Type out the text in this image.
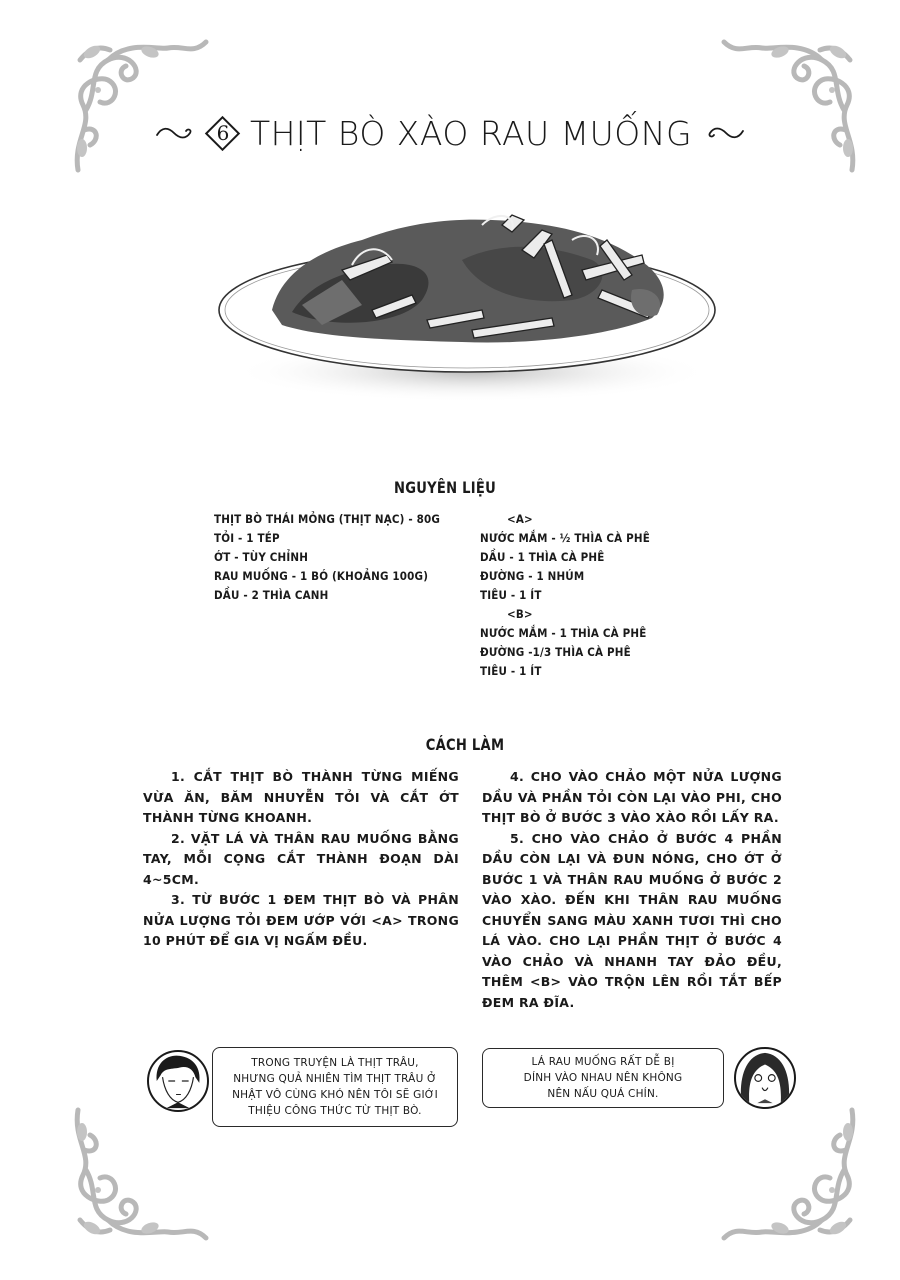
6 THỊT BÒ XÀO RAU MUỐNG
NGUYÊN LIỆU
THỊT BÒ THÁI MỎNG (THỊT NẠC) - 80G
TỎI - 1 TÉP
ỚT - TÙY CHỈNH
RAU MUỐNG - 1 BÓ (KHOẢNG 100G)
DẦU - 2 THÌA CANH
<A>
NƯỚC MẮM - ½ THÌA CÀ PHÊ
DẦU - 1 THÌA CÀ PHÊ
ĐƯỜNG - 1 NHÚM
TIÊU - 1 ÍT
<B>
NƯỚC MẮM - 1 THÌA CÀ PHÊ
ĐƯỜNG -1/3 THÌA CÀ PHÊ
TIÊU - 1 ÍT
CÁCH LÀM

1. CẮT THỊT BÒ THÀNH TỪNG MIẾNG VỪA ĂN, BĂM NHUYỄN TỎI VÀ CẮT ỚT THÀNH TỪNG KHOANH.

2. VẶT LÁ VÀ THÂN RAU MUỐNG BẰNG TAY, MỖI CỌNG CẮT THÀNH ĐOẠN DÀI 4~5CM.

3. TỪ BƯỚC 1 ĐEM THỊT BÒ VÀ PHÂN NỬA LƯỢNG TỎI ĐEM ƯỚP VỚI <A> TRONG 10 PHÚT ĐỂ GIA VỊ NGẤM ĐỀU.

4. CHO VÀO CHẢO MỘT NỬA LƯỢNG DẦU VÀ PHẦN TỎI CÒN LẠI VÀO PHI, CHO THỊT BÒ Ở BƯỚC 3 VÀO XÀO RỒI LẤY RA.

5. CHO VÀO CHẢO Ở BƯỚC 4 PHẦN DẦU CÒN LẠI VÀ ĐUN NÓNG, CHO ỚT Ở BƯỚC 1 VÀ THÂN RAU MUỐNG Ở BƯỚC 2 VÀO XÀO. ĐẾN KHI THÂN RAU MUỐNG CHUYỂN SANG MÀU XANH TƯƠI THÌ CHO LÁ VÀO. CHO LẠI PHẦN THỊT Ở BƯỚC 4 VÀO CHẢO VÀ NHANH TAY ĐẢO ĐỀU, THÊM <B> VÀO TRỘN LÊN RỒI TẮT BẾP ĐEM RA ĐĨA.

TRONG TRUYỆN LÀ THỊT TRÂU,
NHƯNG QUẢ NHIÊN TÌM THỊT TRÂU Ở
NHẬT VÔ CÙNG KHÓ NÊN TÔI SẼ GIỚI
THIỆU CÔNG THỨC TỪ THỊT BÒ.
LÁ RAU MUỐNG RẤT DỄ BỊ
DÍNH VÀO NHAU NÊN KHÔNG
NÊN NẤU QUÁ CHÍN.
